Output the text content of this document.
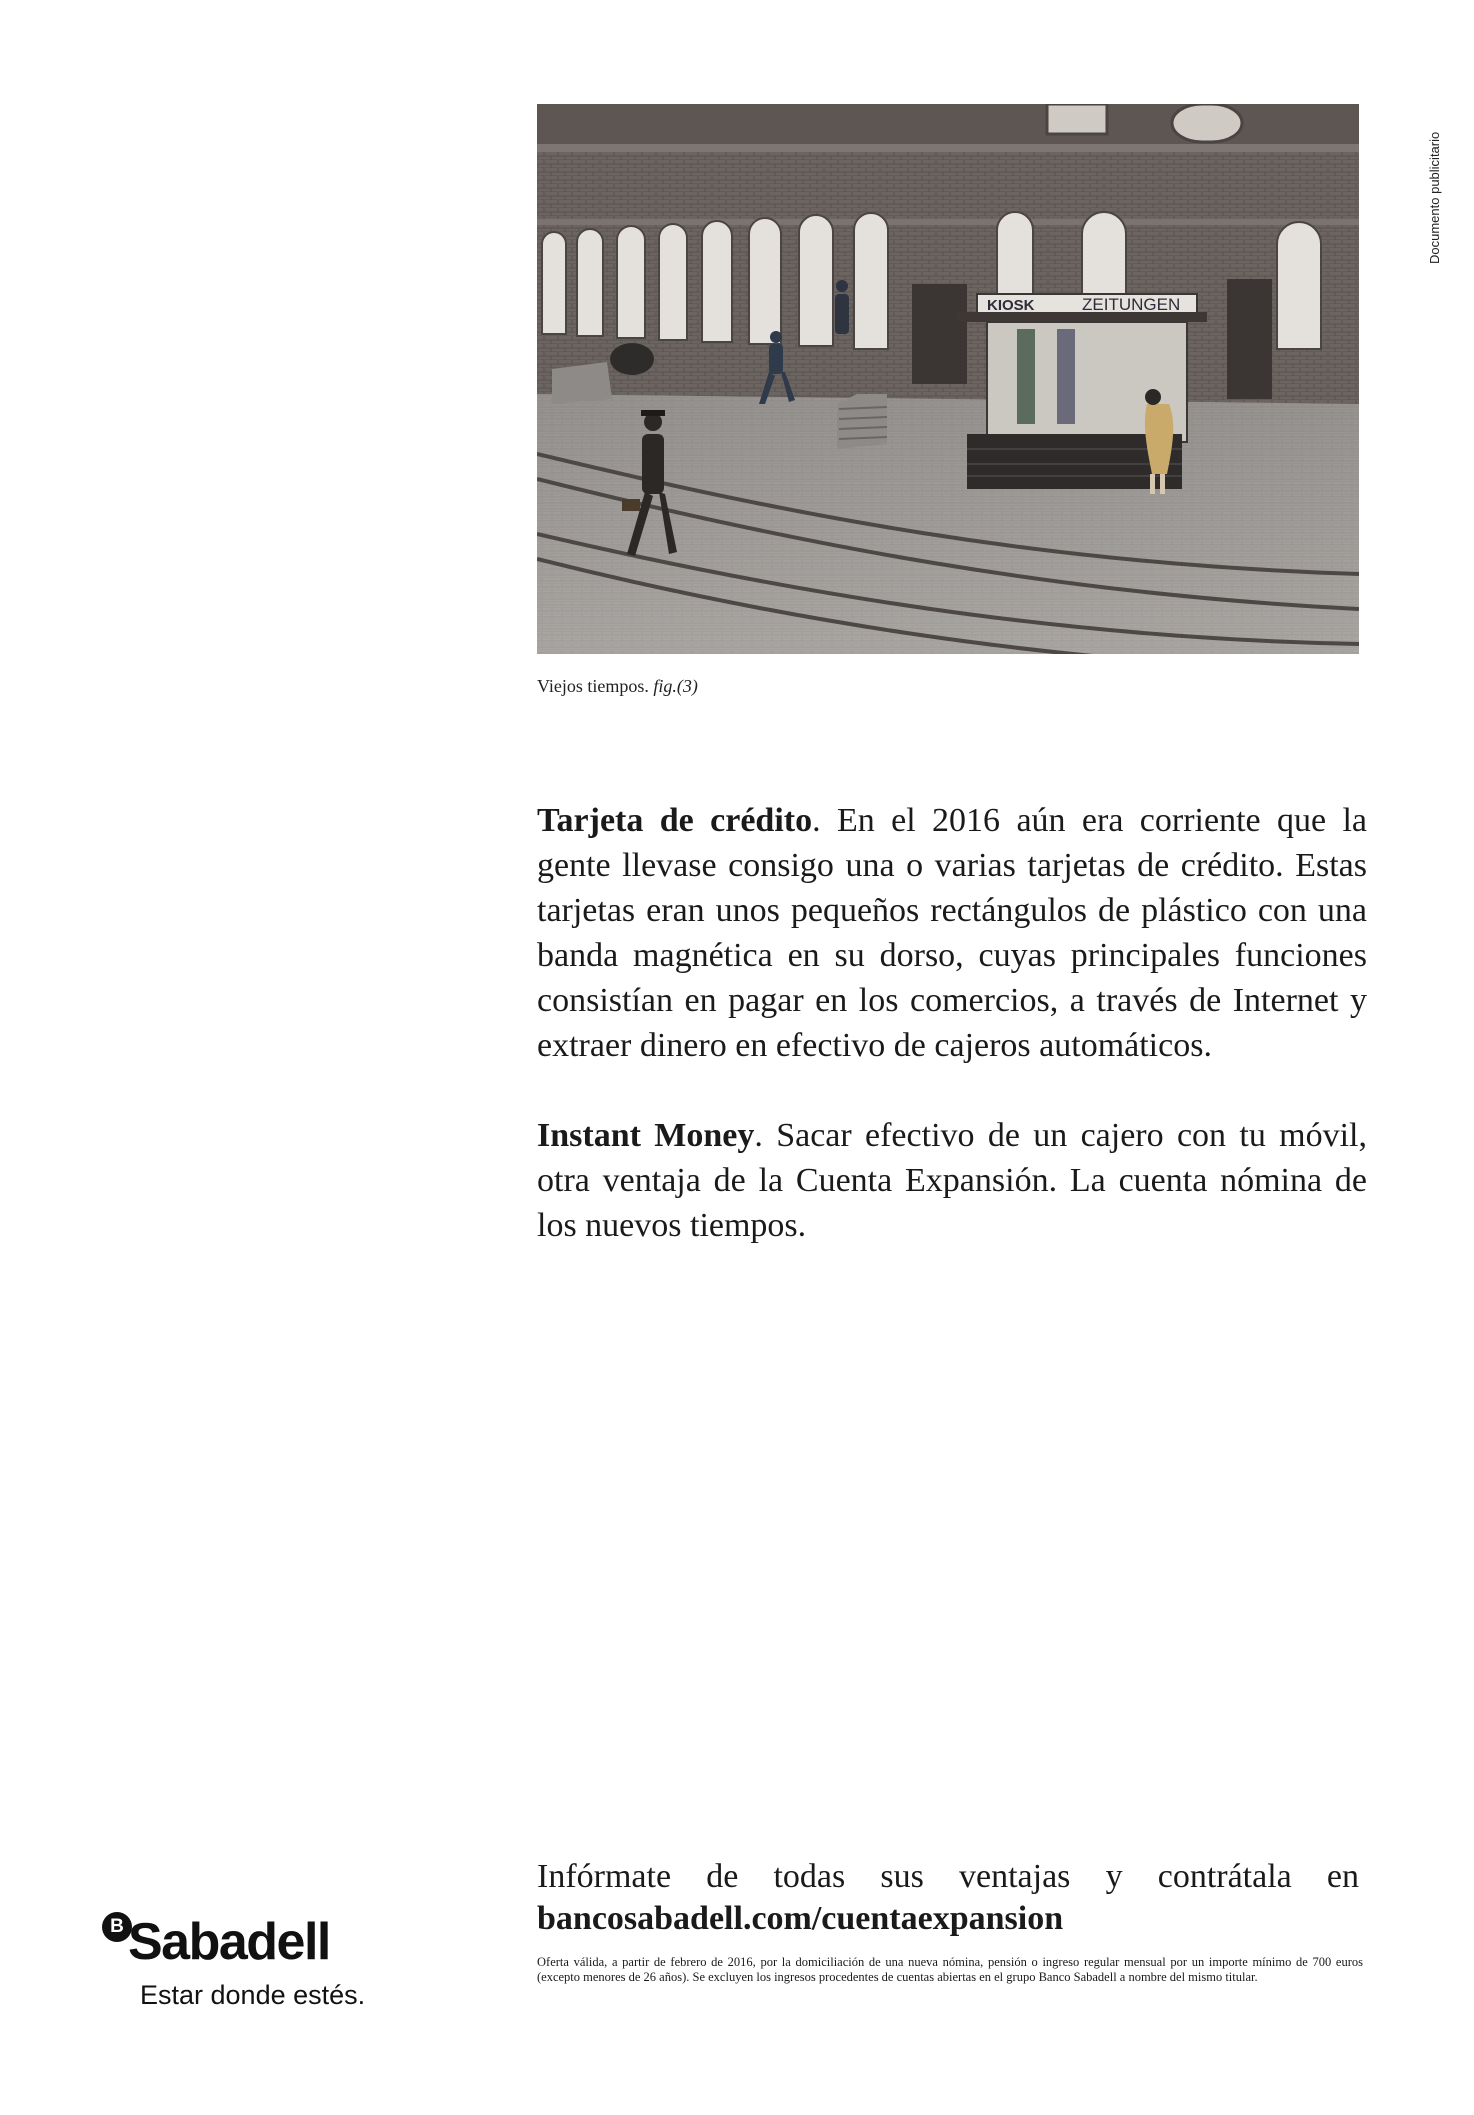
Documento publicitario
KIOSK	ZEITUNGEN
Viejos tiempos. fig.(3)

Tarjeta de crédito. En el 2016 aún era corriente que la gente llevase consigo una o varias tarjetas de crédito. Estas tarjetas eran unos pequeños rectángulos de plástico con una banda magnética en su dorso, cuyas principales funciones consistían en pagar en los comercios, a través de Internet y extraer dinero en efectivo de cajeros automáticos.

Instant Money. Sacar efectivo de un cajero con tu móvil, otra ventaja de la Cuenta Expansión. La cuenta nómina de los nuevos tiempos.

Infórmate de todas sus ventajas y contrátala en
bancosabadell.com/cuentaexpansion
Oferta válida, a partir de febrero de 2016, por la domiciliación de una nueva nómina, pensión o ingreso regular mensual por un importe mínimo de 700 euros (excepto menores de 26 años). Se excluyen los ingresos procedentes de cuentas abiertas en el grupo Banco Sabadell a nombre del mismo titular.
B Sabadell
Estar donde estés.
